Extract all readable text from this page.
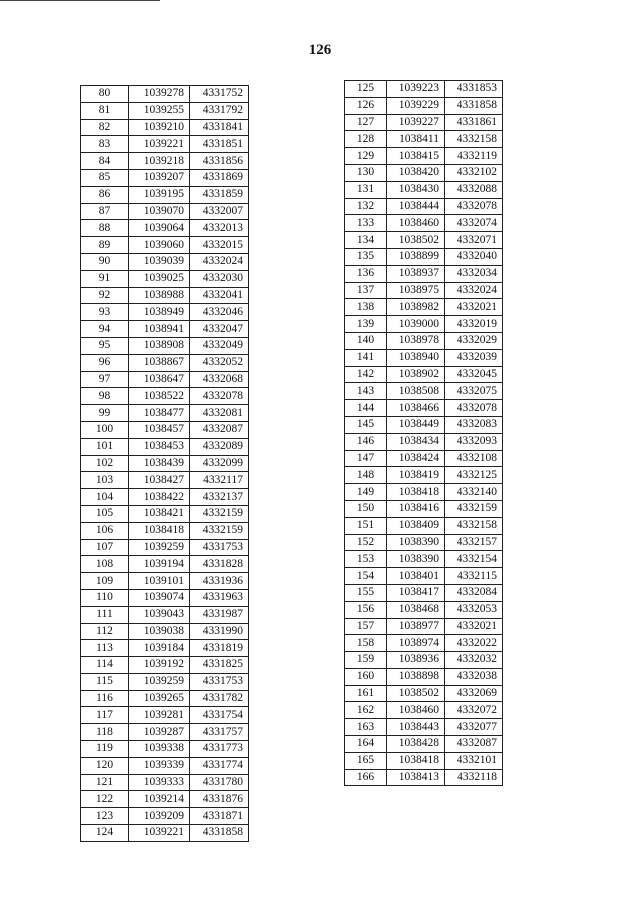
126
80	1039278	4331752
81	1039255	4331792
82	1039210	4331841
83	1039221	4331851
84	1039218	4331856
85	1039207	4331869
86	1039195	4331859
87	1039070	4332007
88	1039064	4332013
89	1039060	4332015
90	1039039	4332024
91	1039025	4332030
92	1038988	4332041
93	1038949	4332046
94	1038941	4332047
95	1038908	4332049
96	1038867	4332052
97	1038647	4332068
98	1038522	4332078
99	1038477	4332081
100	1038457	4332087
101	1038453	4332089
102	1038439	4332099
103	1038427	4332117
104	1038422	4332137
105	1038421	4332159
106	1038418	4332159
107	1039259	4331753
108	1039194	4331828
109	1039101	4331936
110	1039074	4331963
111	1039043	4331987
112	1039038	4331990
113	1039184	4331819
114	1039192	4331825
115	1039259	4331753
116	1039265	4331782
117	1039281	4331754
118	1039287	4331757
119	1039338	4331773
120	1039339	4331774
121	1039333	4331780
122	1039214	4331876
123	1039209	4331871
124	1039221	4331858
125	1039223	4331853
126	1039229	4331858
127	1039227	4331861
128	1038411	4332158
129	1038415	4332119
130	1038420	4332102
131	1038430	4332088
132	1038444	4332078
133	1038460	4332074
134	1038502	4332071
135	1038899	4332040
136	1038937	4332034
137	1038975	4332024
138	1038982	4332021
139	1039000	4332019
140	1038978	4332029
141	1038940	4332039
142	1038902	4332045
143	1038508	4332075
144	1038466	4332078
145	1038449	4332083
146	1038434	4332093
147	1038424	4332108
148	1038419	4332125
149	1038418	4332140
150	1038416	4332159
151	1038409	4332158
152	1038390	4332157
153	1038390	4332154
154	1038401	4332115
155	1038417	4332084
156	1038468	4332053
157	1038977	4332021
158	1038974	4332022
159	1038936	4332032
160	1038898	4332038
161	1038502	4332069
162	1038460	4332072
163	1038443	4332077
164	1038428	4332087
165	1038418	4332101
166	1038413	4332118
